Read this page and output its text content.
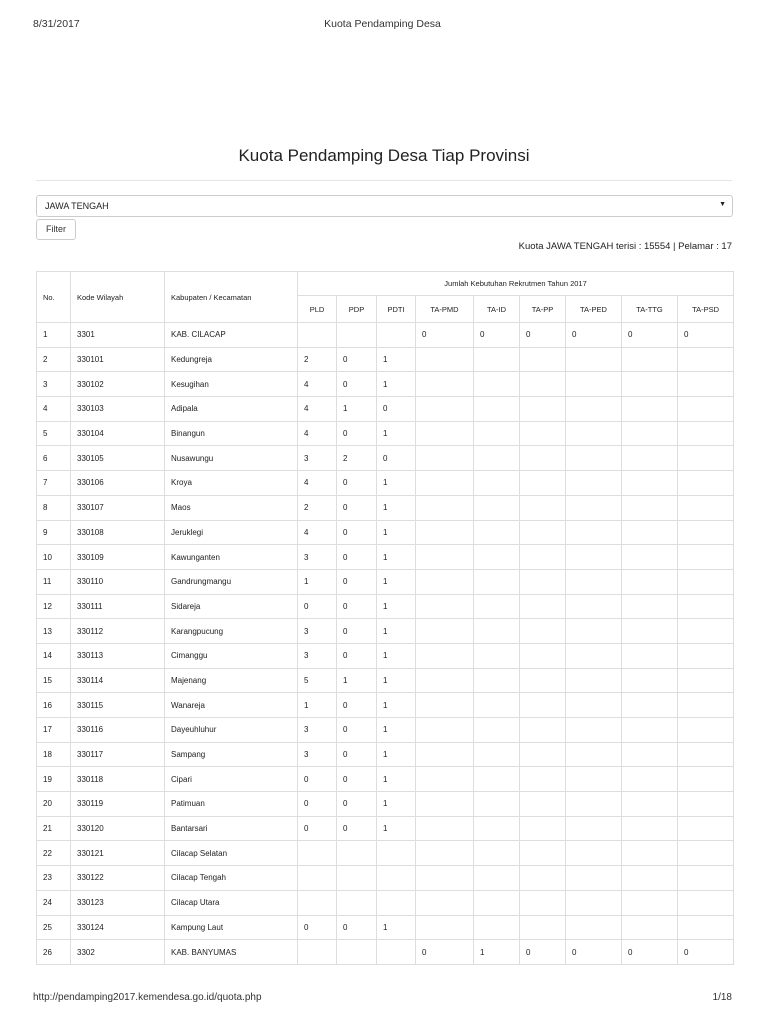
8/31/2017	Kuota Pendamping Desa
Kuota Pendamping Desa Tiap Provinsi
JAWA TENGAH	▼
Filter
Kuota JAWA TENGAH terisi : 15554 | Pelamar : 17
No.	Kode Wilayah	Kabupaten / Kecamatan	Jumlah Kebutuhan Rekrutmen Tahun 2017								
			PLD	PDP	PDTI	TA-PMD	TA-ID	TA-PP	TA-PED	TA-TTG	TA-PSD
1	3301	KAB. CILACAP				0	0	0	0	0	0
2	330101	Kedungreja	2	0	1						
3	330102	Kesugihan	4	0	1						
4	330103	Adipala	4	1	0						
5	330104	Binangun	4	0	1						
6	330105	Nusawungu	3	2	0						
7	330106	Kroya	4	0	1						
8	330107	Maos	2	0	1						
9	330108	Jeruklegi	4	0	1						
10	330109	Kawunganten	3	0	1						
11	330110	Gandrungmangu	1	0	1						
12	330111	Sidareja	0	0	1						
13	330112	Karangpucung	3	0	1						
14	330113	Cimanggu	3	0	1						
15	330114	Majenang	5	1	1						
16	330115	Wanareja	1	0	1						
17	330116	Dayeuhluhur	3	0	1						
18	330117	Sampang	3	0	1						
19	330118	Cipari	0	0	1						
20	330119	Patimuan	0	0	1						
21	330120	Bantarsari	0	0	1						
22	330121	Cilacap Selatan									
23	330122	Cilacap Tengah									
24	330123	Cilacap Utara									
25	330124	Kampung Laut	0	0	1						
26	3302	KAB. BANYUMAS				0	1	0	0	0	0
http://pendamping2017.kemendesa.go.id/quota.php	1/18
